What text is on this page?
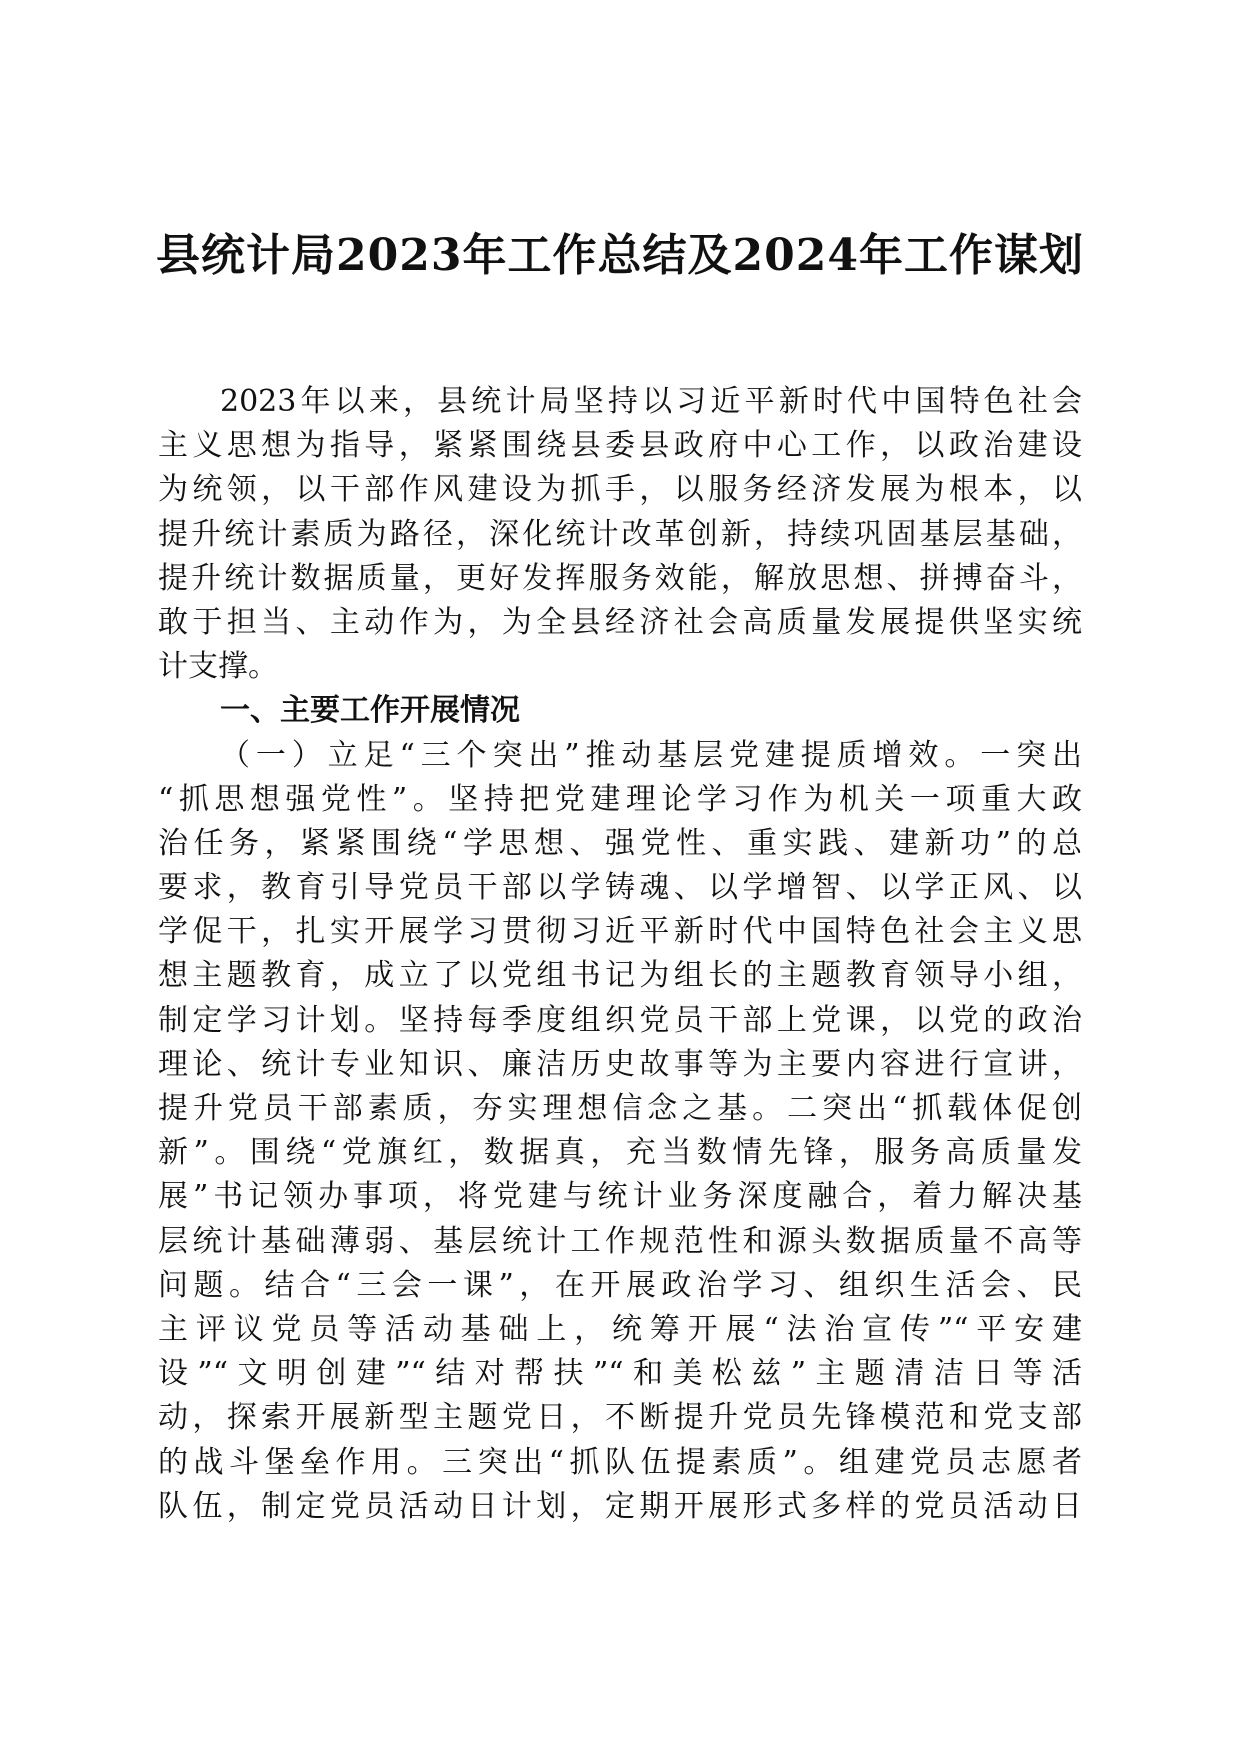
县统计局2023年工作总结及2024年工作谋划
2023年以来，县统计局坚持以习近平新时代中国特色社会
主义思想为指导，紧紧围绕县委县政府中心工作，以政治建设
为统领，以干部作风建设为抓手，以服务经济发展为根本，以
提升统计素质为路径，深化统计改革创新，持续巩固基层基础，
提升统计数据质量，更好发挥服务效能，解放思想、拼搏奋斗，
敢于担当、主动作为，为全县经济社会高质量发展提供坚实统
计支撑。
一、主要工作开展情况
（一）立足“三个突出”推动基层党建提质增效。一突出
“抓思想强党性”。坚持把党建理论学习作为机关一项重大政
治任务，紧紧围绕“学思想、强党性、重实践、建新功”的总
要求，教育引导党员干部以学铸魂、以学增智、以学正风、以
学促干，扎实开展学习贯彻习近平新时代中国特色社会主义思
想主题教育，成立了以党组书记为组长的主题教育领导小组，
制定学习计划。坚持每季度组织党员干部上党课，以党的政治
理论、统计专业知识、廉洁历史故事等为主要内容进行宣讲，
提升党员干部素质，夯实理想信念之基。二突出“抓载体促创
新”。围绕“党旗红，数据真，充当数情先锋，服务高质量发
展”书记领办事项，将党建与统计业务深度融合，着力解决基
层统计基础薄弱、基层统计工作规范性和源头数据质量不高等
问题。结合“三会一课”，在开展政治学习、组织生活会、民
主评议党员等活动基础上，统筹开展“法治宣传”“平安建
设”“文明创建”“结对帮扶”“和美松兹”主题清洁日等活
动，探索开展新型主题党日，不断提升党员先锋模范和党支部
的战斗堡垒作用。三突出“抓队伍提素质”。组建党员志愿者
队伍，制定党员活动日计划，定期开展形式多样的党员活动日
